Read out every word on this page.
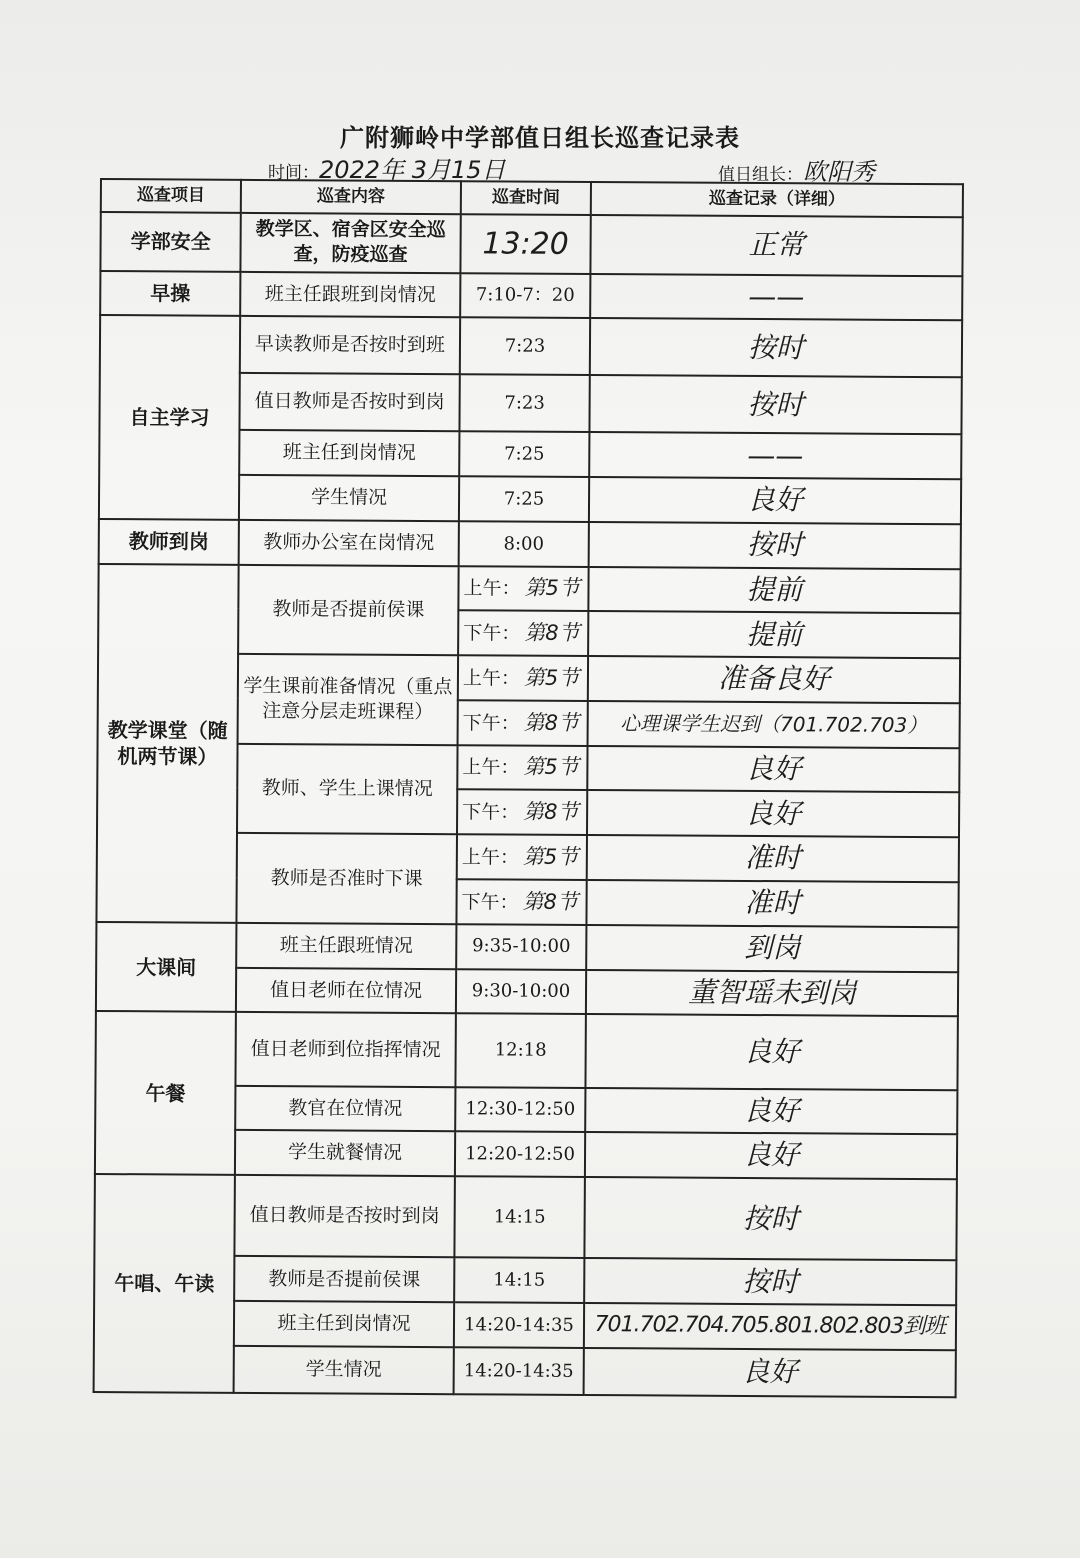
广附狮岭中学部值日组长巡查记录表
时间：2022年 3月15日	值日组长：欧阳秀
巡查项目	巡查内容	巡查时间	巡查记录（详细）
学部安全	教学区、宿舍区安全巡查，防疫巡查	13:20	正常
早操	班主任跟班到岗情况	7:10-7：20	——
自主学习	早读教师是否按时到班	7:23	按时
	值日教师是否按时到岗	7:23	按时
	班主任到岗情况	7:25	——
	学生情况	7:25	良好
教师到岗	教师办公室在岗情况	8:00	按时
教学课堂（随机两节课）	教师是否提前侯课	上午： 第5节	提前
		下午： 第8节	提前
	学生课前准备情况（重点注意分层走班课程）	上午： 第5节	准备良好
		下午： 第8节	心理课学生迟到（701.702.703）
	教师、学生上课情况	上午： 第5节	良好
		下午： 第8节	良好
	教师是否准时下课	上午： 第5节	准时
		下午： 第8节	准时
大课间	班主任跟班情况	9:35-10:00	到岗
	值日老师在位情况	9:30-10:00	董智瑶未到岗
午餐	值日老师到位指挥情况	12:18	良好
	教官在位情况	12:30-12:50	良好
	学生就餐情况	12:20-12:50	良好
午唱、午读	值日教师是否按时到岗	14:15	按时
	教师是否提前侯课	14:15	按时
	班主任到岗情况	14:20-14:35	701.702.704.705.801.802.803到班
	学生情况	14:20-14:35	良好
